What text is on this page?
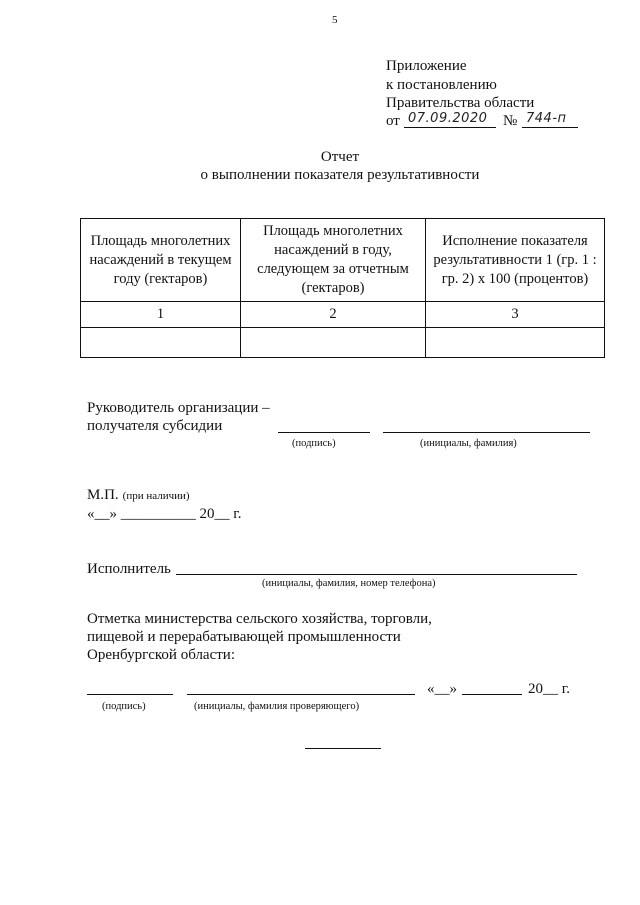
5
Приложение
к постановлению
Правительства области
от 07.09.2020 № 744-п
Отчет
о выполнении показателя результативности
Площадь многолетних насаждений в текущем году (гектаров)	Площадь многолетних насаждений в году, следующем за отчетным (гектаров)	Исполнение показателя результативности 1 (гр. 1 : гр. 2) х 100 (процентов)
1	2	3

Руководитель организации –
получателя субсидии
(подпись)	(инициалы, фамилия)
М.П. (при наличии)
«__» __________ 20__ г.
Исполнитель
(инициалы, фамилия, номер телефона)
Отметка министерства сельского хозяйства, торговли,
пищевой и перерабатывающей промышленности
Оренбургской области:
«__»	20__ г.
(подпись)	(инициалы, фамилия проверяющего)
